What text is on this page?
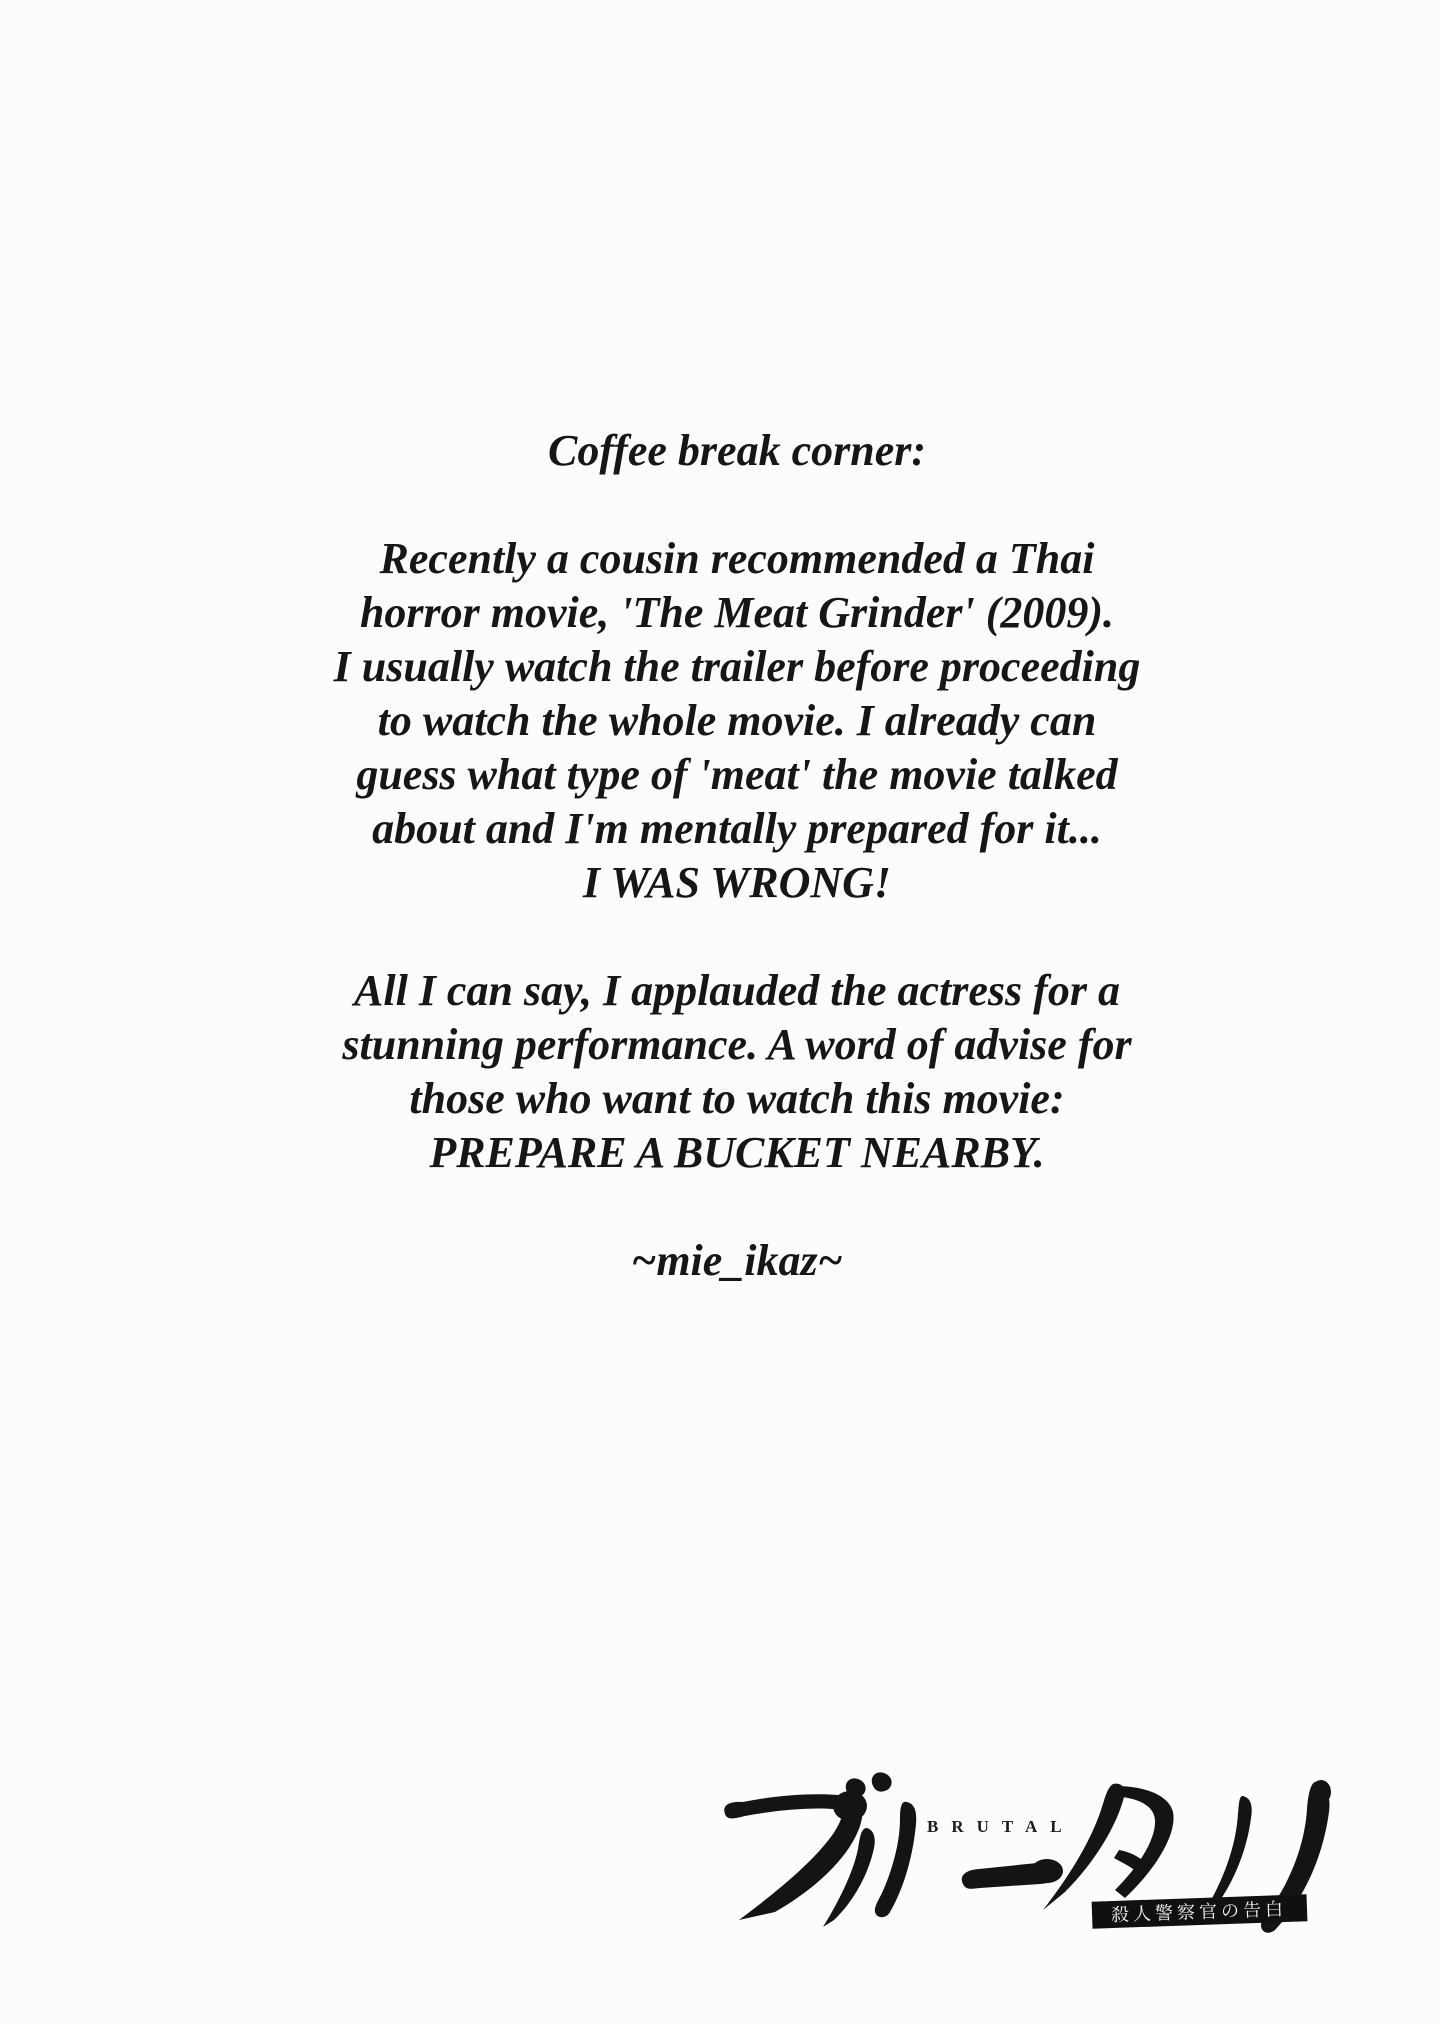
Coffee break corner:
Recently a cousin recommended a Thai
horror movie, 'The Meat Grinder' (2009).
I usually watch the trailer before proceeding
to watch the whole movie. I already can
guess what type of 'meat' the movie talked
about and I'm mentally prepared for it...
I WAS WRONG!
All I can say, I applauded the actress for a
stunning performance. A word of advise for
those who want to watch this movie:
PREPARE A BUCKET NEARBY.
~mie_ikaz~
BRUTAL
殺人警察官の告白
